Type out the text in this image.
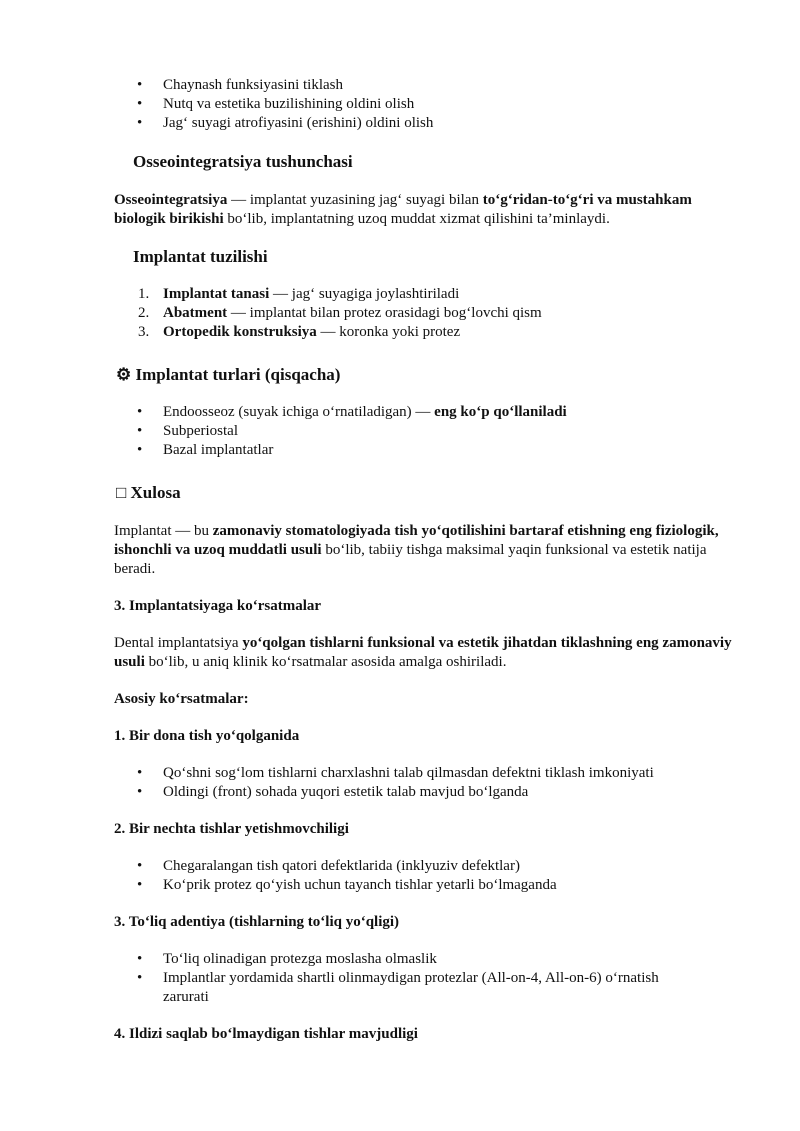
• Chaynash funksiyasini tiklash
• Nutq va estetika buzilishining oldini olish
• Jag‘ suyagi atrofiyasini (erishini) oldini olish
Osseointegratsiya tushunchasi

Osseointegratsiya — implantat yuzasining jag‘ suyagi bilan to‘g‘ridan-to‘g‘ri va mustahkam biologik birikishi bo‘lib, implantatning uzoq muddat xizmat qilishini ta’minlaydi.

Implantat tuzilishi
1. Implantat tanasi — jag‘ suyagiga joylashtiriladi
2. Abatment — implantat bilan protez orasidagi bog‘lovchi qism
3. Ortopedik konstruksiya — koronka yoki protez
⚙ Implantat turlari (qisqacha)
• Endoosseoz (suyak ichiga o‘rnatiladigan) — eng ko‘p qo‘llaniladi
• Subperiostal
• Bazal implantatlar
□ Xulosa

Implantat — bu zamonaviy stomatologiyada tish yo‘qotilishini bartaraf etishning eng fiziologik, ishonchli va uzoq muddatli usuli bo‘lib, tabiiy tishga maksimal yaqin funksional va estetik natija beradi.

3. Implantatsiyaga ko‘rsatmalar

Dental implantatsiya yo‘qolgan tishlarni funksional va estetik jihatdan tiklashning eng zamonaviy usuli bo‘lib, u aniq klinik ko‘rsatmalar asosida amalga oshiriladi.

Asosiy ko‘rsatmalar:

1. Bir dona tish yo‘qolganida

• Qo‘shni sog‘lom tishlarni charxlashni talab qilmasdan defektni tiklash imkoniyati
• Oldingi (front) sohada yuqori estetik talab mavjud bo‘lganda

2. Bir nechta tishlar yetishmovchiligi

• Chegaralangan tish qatori defektlarida (inklyuziv defektlar)
• Ko‘prik protez qo‘yish uchun tayanch tishlar yetarli bo‘lmaganda

3. To‘liq adentiya (tishlarning to‘liq yo‘qligi)

• To‘liq olinadigan protezga moslasha olmaslik
• Implantlar yordamida shartli olinmaydigan protezlar (All-on-4, All-on-6) o‘rnatish zarurati

4. Ildizi saqlab bo‘lmaydigan tishlar mavjudligi
